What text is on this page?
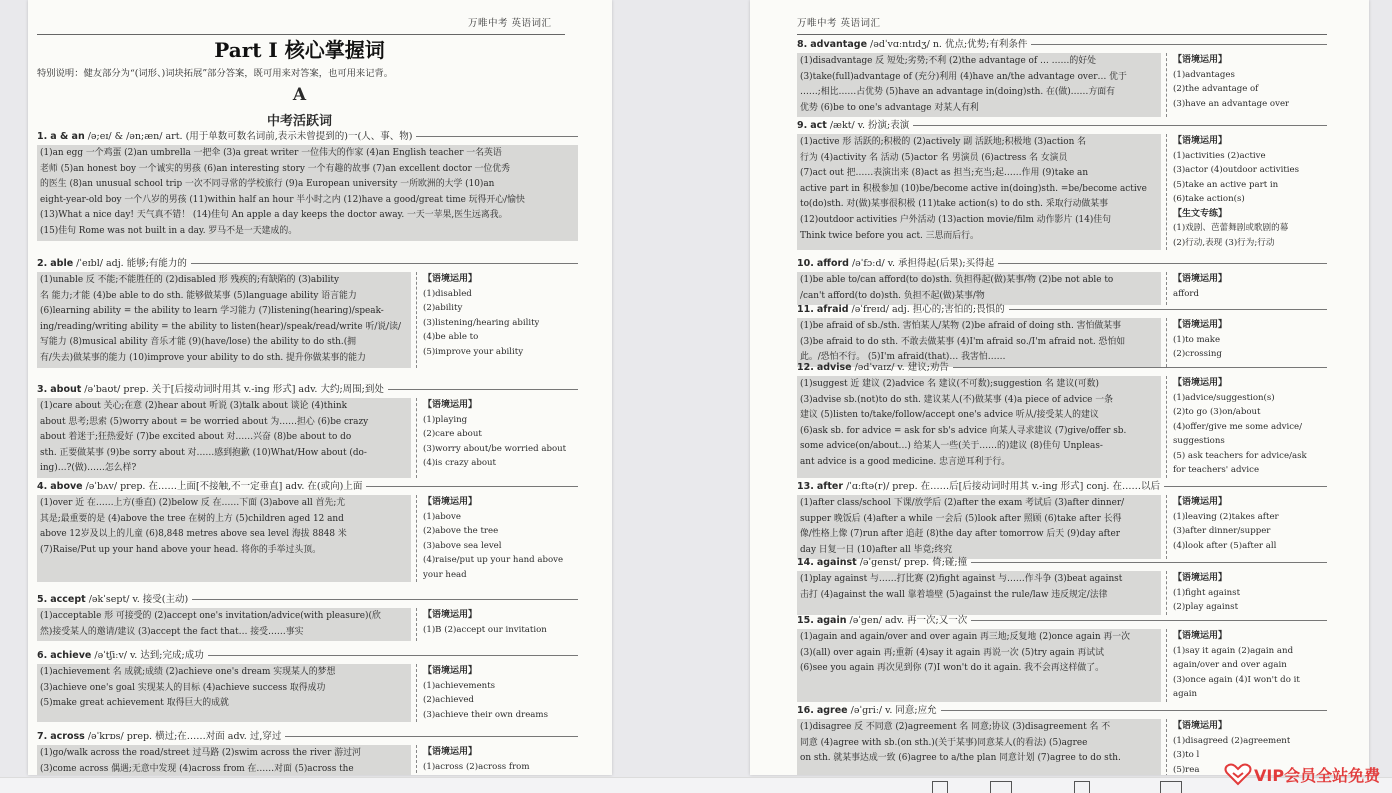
万唯中考 英语词汇
Part Ⅰ 核心掌握词
特别说明：健友部分为“(词形、)词块拓展”部分答案，既可用来对答案，也可用来记背。
A
中考活跃词
1. a & an /ə;eɪ/ & /ən;æn/ art. (用于单数可数名词前,表示未曾提到的)一(人、事、物)
(1)an egg 一个鸡蛋 (2)an umbrella 一把伞 (3)a great writer 一位伟大的作家 (4)an English teacher 一名英语
老师 (5)an honest boy 一个诚实的男孩 (6)an interesting story 一个有趣的故事 (7)an excellent doctor 一位优秀
的医生 (8)an unusual school trip 一次不同寻常的学校旅行 (9)a European university 一所欧洲的大学 (10)an
eight-year-old boy 一个八岁的男孩 (11)within half an hour 半小时之内 (12)have a good/great time 玩得开心/愉快
(13)What a nice day! 天气真不错！ (14)佳句 An apple a day keeps the doctor away. 一天一苹果,医生远离我。
(15)佳句 Rome was not built in a day. 罗马不是一天建成的。
2. able /ˈeɪbl/ adj. 能够;有能力的
(1)unable 反 不能;不能胜任的 (2)disabled 形 残疾的;有缺陷的 (3)ability
名 能力;才能 (4)be able to do sth. 能够做某事 (5)language ability 语言能力
(6)learning ability = the ability to learn 学习能力 (7)listening(hearing)/speak-
ing/reading/writing ability = the ability to listen(hear)/speak/read/write 听/说/读/
写能力 (8)musical ability 音乐才能 (9)(have/lose) the ability to do sth.(拥
有/失去)做某事的能力 (10)improve your ability to do sth. 提升你做某事的能力
【语境运用】
(1)disabled
(2)ability
(3)listening/hearing ability
(4)be able to
(5)improve your ability
3. about /əˈbaʊt/ prep. 关于[后接动词时用其 v.-ing 形式] adv. 大约;周围;到处
(1)care about 关心;在意 (2)hear about 听说 (3)talk about 谈论 (4)think
about 思考;思索 (5)worry about = be worried about 为……担心 (6)be crazy
about 着迷于;狂热爱好 (7)be excited about 对……兴奋 (8)be about to do
sth. 正要做某事 (9)be sorry about 对……感到抱歉 (10)What/How about (do-
ing)…?(做)……怎么样?
【语境运用】
(1)playing
(2)care about
(3)worry about/be worried about
(4)is crazy about
4. above /əˈbʌv/ prep. 在……上面[不接触,不一定垂直] adv. 在(或向)上面
(1)over 近 在……上方(垂直) (2)below 反 在……下面 (3)above all 首先;尤
其是;最重要的是 (4)above the tree 在树的上方 (5)children aged 12 and
above 12岁及以上的儿童 (6)8,848 metres above sea level 海拔 8848 米
(7)Raise/Put up your hand above your head. 将你的手举过头顶。
【语境运用】
(1)above
(2)above the tree
(3)above sea level
(4)raise/put up your hand above
your head
5. accept /əkˈsept/ v. 接受(主动)
(1)acceptable 形 可接受的 (2)accept one's invitation/advice(with pleasure)(欣
然)接受某人的邀请/建议 (3)accept the fact that… 接受……事实
【语境运用】
(1)B (2)accept our invitation
6. achieve /əˈtʃiːv/ v. 达到;完成;成功
(1)achievement 名 成就;成绩 (2)achieve one's dream 实现某人的梦想
(3)achieve one's goal 实现某人的目标 (4)achieve success 取得成功
(5)make great achievement 取得巨大的成就
【语境运用】
(1)achievements
(2)achieved
(3)achieve their own dreams
7. across /əˈkrɒs/ prep. 横过;在……对面 adv. 过,穿过
(1)go/walk across the road/street 过马路 (2)swim across the river 游过河
(3)come across 偶遇;无意中发现 (4)across from 在……对面 (5)across the
【语境运用】
(1)across (2)across from
万唯中考 英语词汇
8. advantage /ədˈvɑːntɪdʒ/ n. 优点;优势;有利条件
(1)disadvantage 反 短处;劣势;不利 (2)the advantage of … ……的好处
(3)take(full)advantage of (充分)利用 (4)have an/the advantage over… 优于
……;相比……占优势 (5)have an advantage in(doing)sth. 在(做)……方面有
优势 (6)be to one's advantage 对某人有利
【语境运用】
(1)advantages
(2)the advantage of
(3)have an advantage over
9. act /ækt/ v. 扮演;表演
(1)active 形 活跃的;积极的 (2)actively 副 活跃地;积极地 (3)action 名
行为 (4)activity 名 活动 (5)actor 名 男演员 (6)actress 名 女演员
(7)act out 把……表演出来 (8)act as 担当;充当;起……作用 (9)take an
active part in 积极参加 (10)be/become active in(doing)sth. =be/become active
to(do)sth. 对(做)某事很积极 (11)take action(s) to do sth. 采取行动做某事
(12)outdoor activities 户外活动 (13)action movie/film 动作影片 (14)佳句
Think twice before you act. 三思而后行。
【语境运用】
(1)activities (2)active
(3)actor (4)outdoor activities
(5)take an active part in
(6)take action(s)
【生文专练】
(1)戏剧、芭蕾舞剧或歌剧的幕
(2)行动,表现 (3)行为;行动
10. afford /əˈfɔːd/ v. 承担得起(后果);买得起
(1)be able to/can afford(to do)sth. 负担得起(做)某事/物 (2)be not able to
/can't afford(to do)sth. 负担不起(做)某事/物
【语境运用】
afford
11. afraid /əˈfreɪd/ adj. 担心的;害怕的;畏惧的
(1)be afraid of sb./sth. 害怕某人/某物 (2)be afraid of doing sth. 害怕做某事
(3)be afraid to do sth. 不敢去做某事 (4)I'm afraid so./I'm afraid not. 恐怕如
此。/恐怕不行。 (5)I'm afraid(that)… 我害怕……
【语境运用】
(1)to make
(2)crossing
12. advise /ədˈvaɪz/ v. 建议;劝告
(1)suggest 近 建议 (2)advice 名 建议(不可数);suggestion 名 建议(可数)
(3)advise sb.(not)to do sth. 建议某人(不)做某事 (4)a piece of advice 一条
建议 (5)listen to/take/follow/accept one's advice 听从/接受某人的建议
(6)ask sb. for advice = ask for sb's advice 向某人寻求建议 (7)give/offer sb.
some advice(on/about…) 给某人一些(关于……的)建议 (8)佳句 Unpleas-
ant advice is a good medicine. 忠言逆耳利于行。
【语境运用】
(1)advice/suggestion(s)
(2)to go (3)on/about
(4)offer/give me some advice/
suggestions
(5) ask teachers for advice/ask
for teachers' advice
13. after /ˈɑːftə(r)/ prep. 在……后[后接动词时用其 v.-ing 形式] conj. 在……以后
(1)after class/school 下课/放学后 (2)after the exam 考试后 (3)after dinner/
supper 晚饭后 (4)after a while 一会后 (5)look after 照顾 (6)take after 长得
像/性格上像 (7)run after 追赶 (8)the day after tomorrow 后天 (9)day after
day 日复一日 (10)after all 毕竟;终究
【语境运用】
(1)leaving (2)takes after
(3)after dinner/supper
(4)look after (5)after all
14. against /əˈgenst/ prep. 倚;碰;撞
(1)play against 与……打比赛 (2)fight against 与……作斗争 (3)beat against
击打 (4)against the wall 靠着墙壁 (5)against the rule/law 违反规定/法律
【语境运用】
(1)fight against
(2)play against
15. again /əˈgen/ adv. 再一次;又一次
(1)again and again/over and over again 再三地;反复地 (2)once again 再一次
(3)(all) over again 再;重新 (4)say it again 再说一次 (5)try again 再试试
(6)see you again 再次见到你 (7)I won't do it again. 我不会再这样做了。
【语境运用】
(1)say it again (2)again and
again/over and over again
(3)once again (4)I won't do it
again
16. agree /əˈgriː/ v. 同意;应允
(1)disagree 反 不同意 (2)agreement 名 同意;协议 (3)disagreement 名 不
同意 (4)agree with sb.(on sth.)(关于某事)同意某人(的看法) (5)agree
on sth. 就某事达成一致 (6)agree to a/the plan 同意计划 (7)agree to do sth.
【语境运用】
(1)disagreed (2)agreement
(3)to l
(5)rea	VIP会员全站免费
